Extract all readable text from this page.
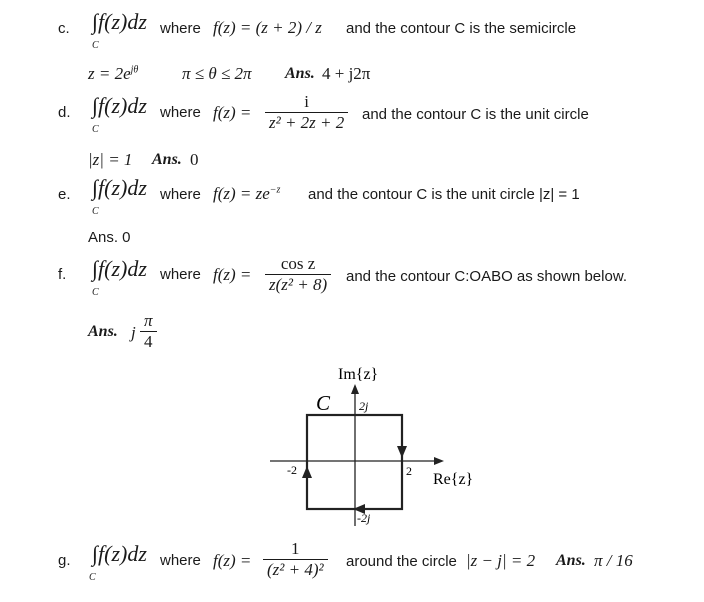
c. ∫f(z)dz
C
where f(z) = (z + 2) / z and the contour C is the semicircle
$z = 2e^{j\theta}$	π ≤ θ ≤ 2π Ans. 4 + j2π
d. ∫f(z)dz
C
where $f(z) = \frac{i}{\text{z² + 2z + 2}}$ and the contour C is the unit circle
|z| = 1 Ans. 0
e. ∫f(z)dz
C
where $f(z) = ze^{-z}$ and the contour C is the unit circle |z| = 1
Ans. 0
f. ∫f(z)dz
C
where $f(z) = \frac{\text{cos z}}{\text{z(z² + 8)}}$ and the contour C:OABO as shown below.
Ans. j $\frac{\pi}{4}$
Im{z}
Re{z}
C 2j
-2j
-2	2
g. ∫f(z)dz
C
where $f(z) = \frac{1}{\text{(z² + 4)²}}$ around the circle |z − j| = 2 Ans. π / 16
